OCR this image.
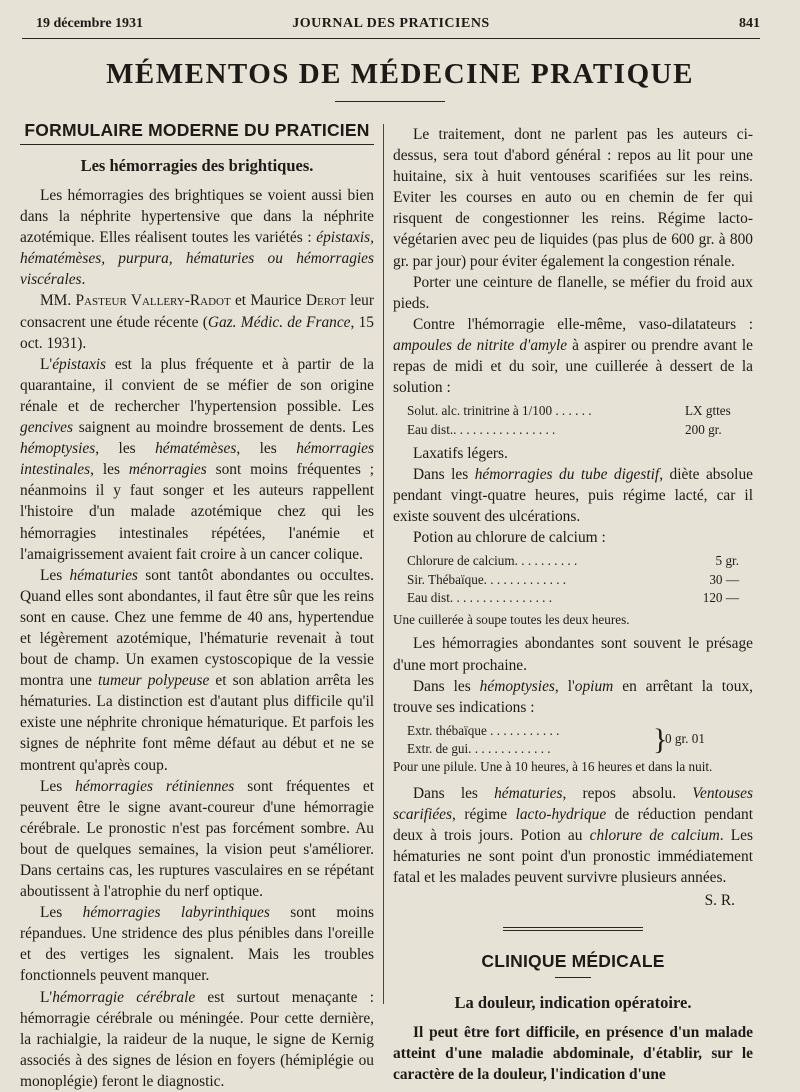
19 décembre 1931	JOURNAL DES PRATICIENS	841
MÉMENTOS DE MÉDECINE PRATIQUE
FORMULAIRE MODERNE DU PRATICIEN
Les hémorragies des brightiques.

Les hémorragies des brightiques se voient aussi bien dans la néphrite hypertensive que dans la néphrite azotémique. Elles réalisent toutes les variétés : épistaxis, hématémèses, purpura, hématuries ou hémorragies viscérales.

MM. Pasteur Vallery-Radot et Maurice Derot leur consacrent une étude récente (Gaz. Médic. de France, 15 oct. 1931).

L'épistaxis est la plus fréquente et à partir de la quarantaine, il convient de se méfier de son origine rénale et de rechercher l'hypertension possible. Les gencives saignent au moindre brossement de dents. Les hémoptysies, les hématémèses, les hémorragies intestinales, les ménorragies sont moins fréquentes ; néanmoins il y faut songer et les auteurs rappellent l'histoire d'un malade azotémique chez qui les hémorragies intestinales répétées, l'anémie et l'amaigrissement avaient fait croire à un cancer colique.

Les hématuries sont tantôt abondantes ou occultes. Quand elles sont abondantes, il faut être sûr que les reins sont en cause. Chez une femme de 40 ans, hypertendue et légèrement azotémique, l'hématurie revenait à tout bout de champ. Un examen cystoscopique de la vessie montra une tumeur polypeuse et son ablation arrêta les hématuries. La distinction est d'autant plus difficile qu'il existe une néphrite chronique hématurique. Et parfois les signes de néphrite font même défaut au début et ne se montrent qu'après coup.

Les hémorragies rétiniennes sont fréquentes et peuvent être le signe avant-coureur d'une hémorragie cérébrale. Le pronostic n'est pas forcément sombre. Au bout de quelques semaines, la vision peut s'améliorer. Dans certains cas, les ruptures vasculaires en se répétant aboutissent à l'atrophie du nerf optique.

Les hémorragies labyrinthiques sont moins répandues. Une stridence des plus pénibles dans l'oreille et des vertiges les signalent. Mais les troubles fonctionnels peuvent manquer.

L'hémorragie cérébrale est surtout menaçante : hémorragie cérébrale ou méningée. Pour cette dernière, la rachialgie, la raideur de la nuque, le signe de Kernig associés à des signes de lésion en foyers (hémiplégie ou monoplégie) feront le diagnostic.

Le traitement, dont ne parlent pas les auteurs ci-dessus, sera tout d'abord général : repos au lit pour une huitaine, six à huit ventouses scarifiées sur les reins. Eviter les courses en auto ou en chemin de fer qui risquent de congestionner les reins. Régime lacto-végétarien avec peu de liquides (pas plus de 600 gr. à 800 gr. par jour) pour éviter également la congestion rénale.

Porter une ceinture de flanelle, se méfier du froid aux pieds.

Contre l'hémorragie elle-même, vaso-dilatateurs : ampoules de nitrite d'amyle à aspirer ou prendre avant le repas de midi et du soir, une cuillerée à dessert de la solution :

Solut. alc. trinitrine à 1/100 . . . . . .	LX gttes
Eau dist.. . . . . . . . . . . . . . . .	200 gr.

Laxatifs légers.

Dans les hémorragies du tube digestif, diète absolue pendant vingt-quatre heures, puis régime lacté, car il existe souvent des ulcérations.

Potion au chlorure de calcium :

Chlorure de calcium. . . . . . . . . .	5 gr.
Sir. Thébaïque. . . . . . . . . . . . .	30 —
Eau dist. . . . . . . . . . . . . . . .	120 —
Une cuillerée à soupe toutes les deux heures.

Les hémorragies abondantes sont souvent le présage d'une mort prochaine.

Dans les hémoptysies, l'opium en arrêtant la toux, trouve ses indications :

Extr. thébaïque . . . . . . . . . . .
Extr. de gui. . . . . . . . . . . . .	}
0 gr. 01
Pour une pilule. Une à 10 heures, à 16 heures et dans la nuit.

Dans les hématuries, repos absolu. Ventouses scarifiées, régime lacto-hydrique de réduction pendant deux à trois jours. Potion au chlorure de calcium. Les hématuries ne sont point d'un pronostic immédiatement fatal et les malades peuvent survivre plusieurs années.

S. R.
CLINIQUE MÉDICALE
La douleur, indication opératoire.

Il peut être fort difficile, en présence d'un malade atteint d'une maladie abdominale, d'établir, sur le caractère de la douleur, l'indication d'une
